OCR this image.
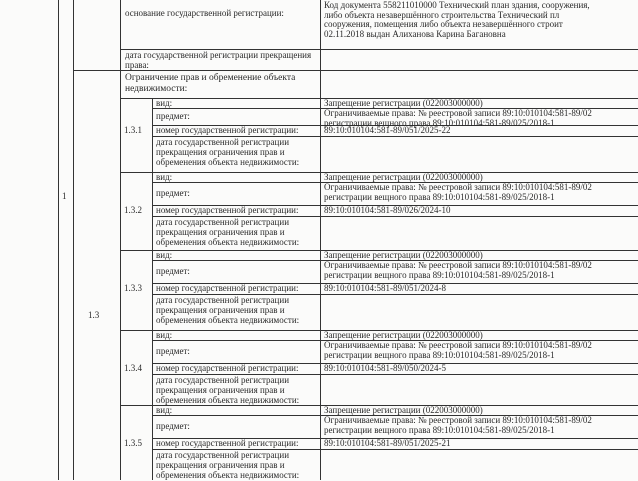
основание государственной регистрации:
Код документа 558211010000 Технический план здания, сооружения,
либо объекта незавершённого строительства Технический пл
сооружения, помещения либо объекта незавершённого строит
02.11.2018 выдан Алиханова Карина Багановна
дата государственной регистрации прекращения
права:
1
1.3
Ограничение прав и обременение объекта
недвижимости:
1.3.1
вид:	Запрещение регистрации (022003000000)
предмет:	Ограничиваемые права: № реестровой записи 89:10:010104:581-89/02
регистрации вещного права 89:10:010104:581-89/025/2018-1
номер государственной регистрации:	89:10:010104:581-89/051/2025-22
дата государственной регистрации
прекращения ограничения прав и
обременения объекта недвижимости:
1.3.2
вид:	Запрещение регистрации (022003000000)
предмет:
Ограничиваемые права: № реестровой записи 89:10:010104:581-89/02
регистрации вещного права 89:10:010104:581-89/025/2018-1
номер государственной регистрации:	89:10:010104:581-89/026/2024-10
дата государственной регистрации
прекращения ограничения прав и
обременения объекта недвижимости:
1.3.3
вид:	Запрещение регистрации (022003000000)
предмет:
Ограничиваемые права: № реестровой записи 89:10:010104:581-89/02
регистрации вещного права 89:10:010104:581-89/025/2018-1
номер государственной регистрации:	89:10:010104:581-89/051/2024-8
дата государственной регистрации
прекращения ограничения прав и
обременения объекта недвижимости:
1.3.4
вид:	Запрещение регистрации (022003000000)
предмет:
Ограничиваемые права: № реестровой записи 89:10:010104:581-89/02
регистрации вещного права 89:10:010104:581-89/025/2018-1
номер государственной регистрации:	89:10:010104:581-89/050/2024-5
дата государственной регистрации
прекращения ограничения прав и
обременения объекта недвижимости:
1.3.5
вид:	Запрещение регистрации (022003000000)
предмет:
Ограничиваемые права: № реестровой записи 89:10:010104:581-89/02
регистрации вещного права 89:10:010104:581-89/025/2018-1
номер государственной регистрации:	89:10:010104:581-89/051/2025-21
дата государственной регистрации
прекращения ограничения прав и
обременения объекта недвижимости:
